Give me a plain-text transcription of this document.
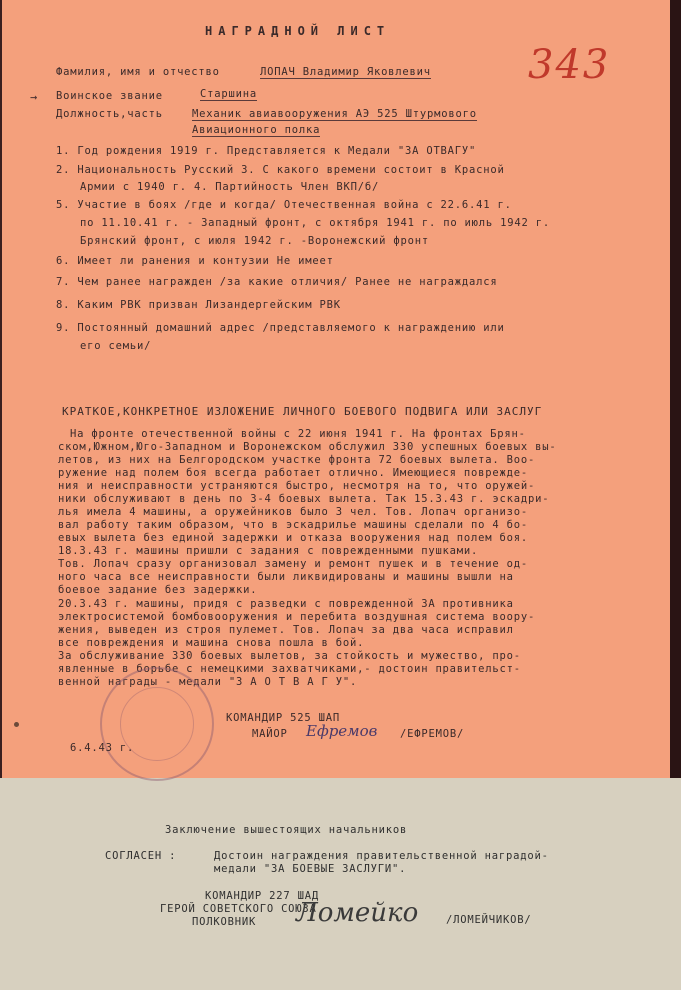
НАГРАДНОЙ ЛИСТ
343
Фамилия, имя и отчество	ЛОПАЧ Владимир Яковлевич
→ Воинское звание	Старшина
Должность,часть	Механик авиавооружения АЭ 525 Штурмового
Авиационного полка
1. Год рождения 1919 г. Представляется к Медали "ЗА ОТВАГУ"
2. Национальность Русский 3. С какого времени состоит в Красной
Армии с 1940 г. 4. Партийность Член ВКП/б/
5. Участие в боях /где и когда/ Отечественная война с 22.6.41 г.
по 11.10.41 г. - Западный фронт, с октября 1941 г. по июль 1942 г.
Брянский фронт, с июля 1942 г. -Воронежский фронт
6. Имеет ли ранения и контузии Не имеет
7. Чем ранее награжден /за какие отличия/ Ранее не награждался
8. Каким РВК призван Лизандергейским РВК
9. Постоянный домашний адрес /представляемого к награждению или
его семьи/
КРАТКОЕ,КОНКРЕТНОЕ ИЗЛОЖЕНИЕ ЛИЧНОГО БОЕВОГО ПОДВИГА ИЛИ ЗАСЛУГ
На фронте отечественной войны с 22 июня 1941 г. На фронтах Брян-
ском,Южном,Юго-Западном и Воронежском обслужил 330 успешных боевых вы-
летов, из них на Белгородском участке фронта 72 боевых вылета. Воо-
ружение над полем боя всегда работает отлично. Имеющиеся поврежде-
ния и неисправности устраняются быстро, несмотря на то, что оружей-
ники обслуживают в день по 3-4 боевых вылета. Так 15.3.43 г. эскадри-
лья имела 4 машины, а оружейников было 3 чел. Тов. Лопач организо-
вал работу таким образом, что в эскадрилье машины сделали по 4 бо-
евых вылета без единой задержки и отказа вооружения над полем боя.
18.3.43 г. машины пришли с задания с поврежденными пушками.
Тов. Лопач сразу организовал замену и ремонт пушек и в течение од-
ного часа все неисправности были ликвидированы и машины вышли на
боевое задание без задержки.
20.3.43 г. машины, придя с разведки с поврежденной ЗА противника
электросистемой бомбовооружения и перебита воздушная система воору-
жения, выведен из строя пулемет. Тов. Лопач за два часа исправил
все повреждения и машина снова пошла в бой.
За обслуживание 330 боевых вылетов, за стойкость и мужество, про-
явленные в борьбе с немецкими захватчиками,- достоин правительст-
венной награды - медали "З А О Т В А Г У".
КОМАНДИР 525 ШАП
МАЙОР Ефремов /ЕФРЕМОВ/
6.4.43 г.
Заключение вышестоящих начальников
СОГЛАСЕН :	Достоин награждения правительственной наградой-
медали "ЗА БОЕВЫЕ ЗАСЛУГИ".
КОМАНДИР 227 ШАД
ГЕРОЙ СОВЕТСКОГО СОЮЗА
ПОЛКОВНИК Ломейко	/ЛОМЕЙЧИКОВ/
